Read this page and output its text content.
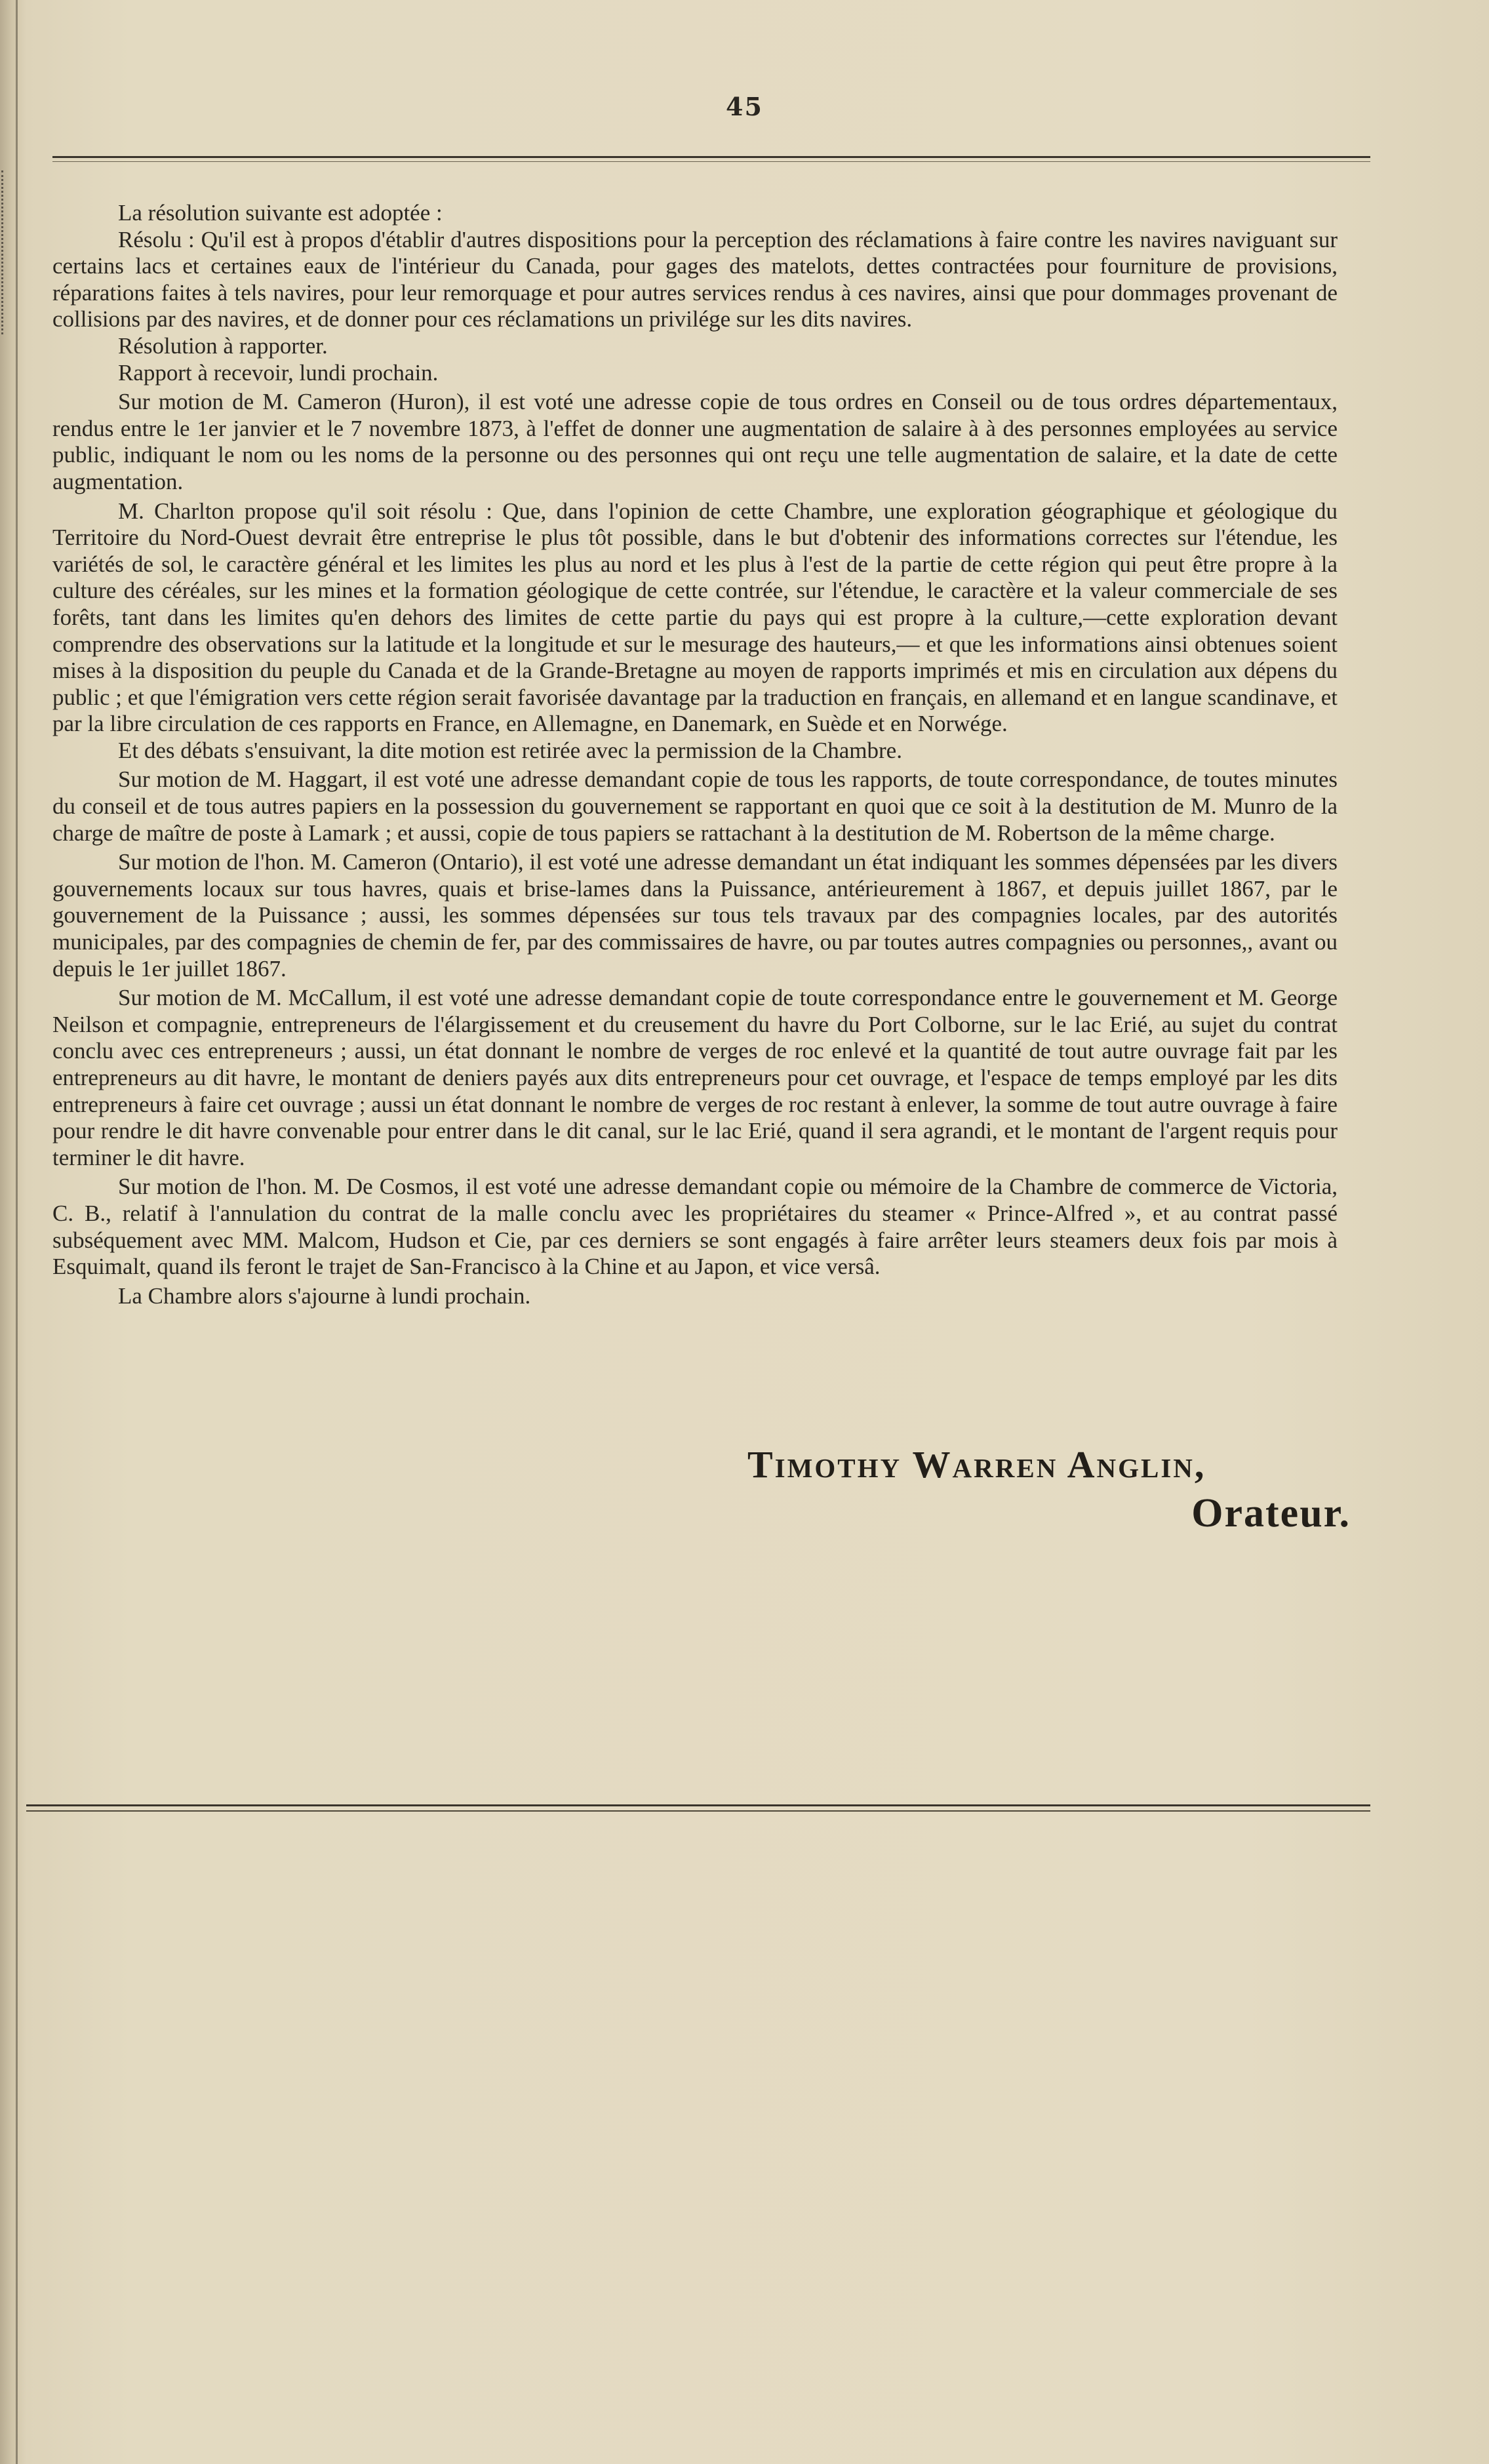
45

La résolution suivante est adoptée :

Résolu : Qu'il est à propos d'établir d'autres dispositions pour la perception des réclamations à faire contre les navires naviguant sur certains lacs et certaines eaux de l'intérieur du Canada, pour gages des matelots, dettes contractées pour fourniture de provisions, réparations faites à tels navires, pour leur remorquage et pour autres services rendus à ces navires, ainsi que pour dommages provenant de collisions par des navires, et de donner pour ces réclamations un privilége sur les dits navires.

Résolution à rapporter.

Rapport à recevoir, lundi prochain.

Sur motion de M. Cameron (Huron), il est voté une adresse copie de tous ordres en Conseil ou de tous ordres départementaux, rendus entre le 1er janvier et le 7 novembre 1873, à l'effet de donner une augmentation de salaire à à des personnes employées au service public, indiquant le nom ou les noms de la personne ou des personnes qui ont reçu une telle augmentation de salaire, et la date de cette augmentation.

M. Charlton propose qu'il soit résolu : Que, dans l'opinion de cette Chambre, une exploration géographique et géologique du Territoire du Nord-Ouest devrait être entreprise le plus tôt possible, dans le but d'obtenir des informations correctes sur l'étendue, les variétés de sol, le caractère général et les limites les plus au nord et les plus à l'est de la partie de cette région qui peut être propre à la culture des céréales, sur les mines et la formation géologique de cette contrée, sur l'étendue, le caractère et la valeur commerciale de ses forêts, tant dans les limites qu'en dehors des limites de cette partie du pays qui est propre à la culture,—cette exploration devant comprendre des observations sur la latitude et la longitude et sur le mesurage des hauteurs,— et que les informations ainsi obtenues soient mises à la disposition du peuple du Canada et de la Grande-Bretagne au moyen de rapports imprimés et mis en circulation aux dépens du public ; et que l'émigration vers cette région serait favorisée davantage par la traduction en français, en allemand et en langue scandinave, et par la libre circulation de ces rapports en France, en Allemagne, en Danemark, en Suède et en Norwége.

Et des débats s'ensuivant, la dite motion est retirée avec la permission de la Chambre.

Sur motion de M. Haggart, il est voté une adresse demandant copie de tous les rapports, de toute correspondance, de toutes minutes du conseil et de tous autres papiers en la possession du gouvernement se rapportant en quoi que ce soit à la destitution de M. Munro de la charge de maître de poste à Lamark ; et aussi, copie de tous papiers se rattachant à la destitution de M. Robertson de la même charge.

Sur motion de l'hon. M. Cameron (Ontario), il est voté une adresse demandant un état indiquant les sommes dépensées par les divers gouvernements locaux sur tous havres, quais et brise-lames dans la Puissance, antérieurement à 1867, et depuis juillet 1867, par le gouvernement de la Puissance ; aussi, les sommes dépensées sur tous tels travaux par des compagnies locales, par des autorités municipales, par des compagnies de chemin de fer, par des commissaires de havre, ou par toutes autres compagnies ou personnes,, avant ou depuis le 1er juillet 1867.

Sur motion de M. McCallum, il est voté une adresse demandant copie de toute correspondance entre le gouvernement et M. George Neilson et compagnie, entrepreneurs de l'élargissement et du creusement du havre du Port Colborne, sur le lac Erié, au sujet du contrat conclu avec ces entrepreneurs ; aussi, un état donnant le nombre de verges de roc enlevé et la quantité de tout autre ouvrage fait par les entrepreneurs au dit havre, le montant de deniers payés aux dits entrepreneurs pour cet ouvrage, et l'espace de temps employé par les dits entrepreneurs à faire cet ouvrage ; aussi un état donnant le nombre de verges de roc restant à enlever, la somme de tout autre ouvrage à faire pour rendre le dit havre convenable pour entrer dans le dit canal, sur le lac Erié, quand il sera agrandi, et le montant de l'argent requis pour terminer le dit havre.

Sur motion de l'hon. M. De Cosmos, il est voté une adresse demandant copie ou mémoire de la Chambre de commerce de Victoria, C. B., relatif à l'annulation du contrat de la malle conclu avec les propriétaires du steamer « Prince-Alfred », et au contrat passé subséquement avec MM. Malcom, Hudson et Cie, par ces derniers se sont engagés à faire arrêter leurs steamers deux fois par mois à Esquimalt, quand ils feront le trajet de San-Francisco à la Chine et au Japon, et vice versâ.

La Chambre alors s'ajourne à lundi prochain.

Timothy Warren Anglin,
Orateur.
